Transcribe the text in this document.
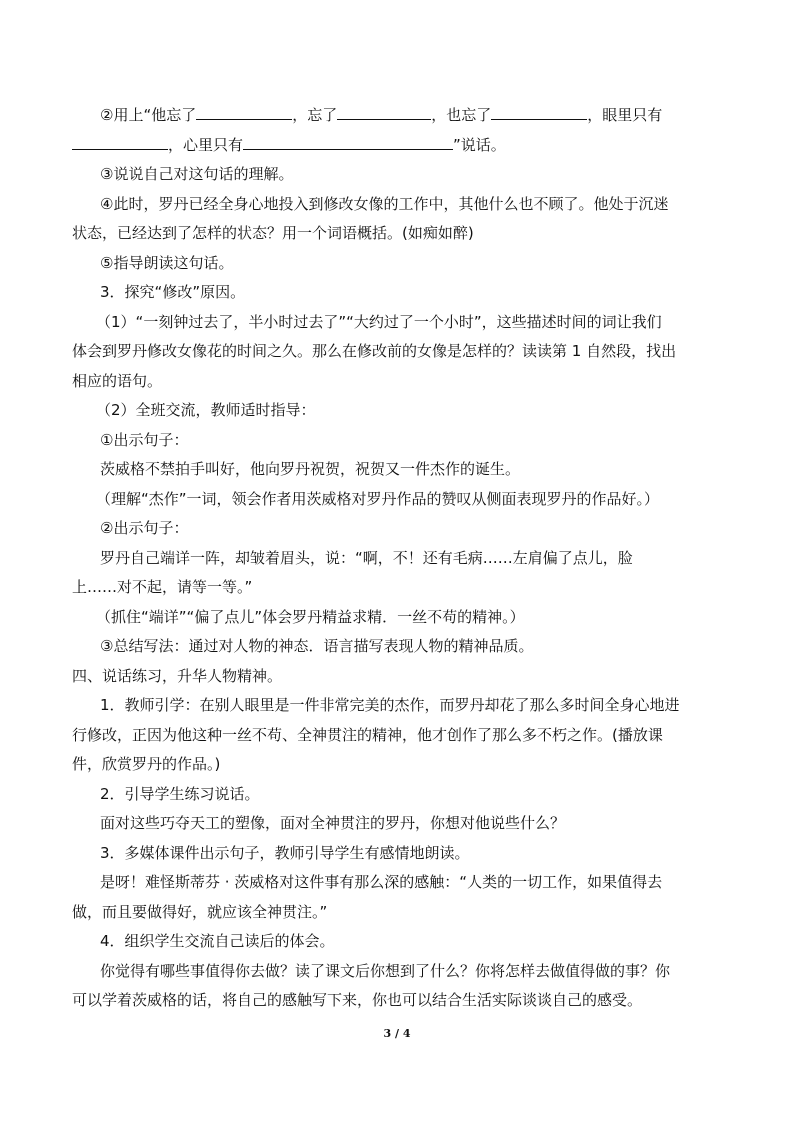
②用上“他忘了	，忘了	，也忘了	，眼里只有
，心里只有	”说话。
③说说自己对这句话的理解。
④此时，罗丹已经全身心地投入到修改女像的工作中，其他什么也不顾了。他处于沉迷
状态，已经达到了怎样的状态？用一个词语概括。(如痴如醉)
⑤指导朗读这句话。
3．探究“修改”原因。
（1）“一刻钟过去了，半小时过去了”“大约过了一个小时”，这些描述时间的词让我们
体会到罗丹修改女像花的时间之久。那么在修改前的女像是怎样的？读读第 1 自然段，找出
相应的语句。
（2）全班交流，教师适时指导：
①出示句子：
茨威格不禁拍手叫好，他向罗丹祝贺，祝贺又一件杰作的诞生。
（理解“杰作”一词，领会作者用茨威格对罗丹作品的赞叹从侧面表现罗丹的作品好。）
②出示句子：
罗丹自己端详一阵，却皱着眉头，说：“啊，不！还有毛病……左肩偏了点儿，脸
上……对不起，请等一等。”
（抓住“端详”“偏了点儿”体会罗丹精益求精．一丝不苟的精神。）
③总结写法：通过对人物的神态．语言描写表现人物的精神品质。
四、说话练习，升华人物精神。
1．教师引学：在别人眼里是一件非常完美的杰作，而罗丹却花了那么多时间全身心地进
行修改，正因为他这种一丝不苟、全神贯注的精神，他才创作了那么多不朽之作。(播放课
件，欣赏罗丹的作品。)
2．引导学生练习说话。
面对这些巧夺天工的塑像，面对全神贯注的罗丹，你想对他说些什么？
3．多媒体课件出示句子，教师引导学生有感情地朗读。
是呀！难怪斯蒂芬 · 茨威格对这件事有那么深的感触：“人类的一切工作，如果值得去
做，而且要做得好，就应该全神贯注。”
4．组织学生交流自己读后的体会。
你觉得有哪些事值得你去做？读了课文后你想到了什么？你将怎样去做值得做的事？你
可以学着茨威格的话，将自己的感触写下来，你也可以结合生活实际谈谈自己的感受。
3 / 4
